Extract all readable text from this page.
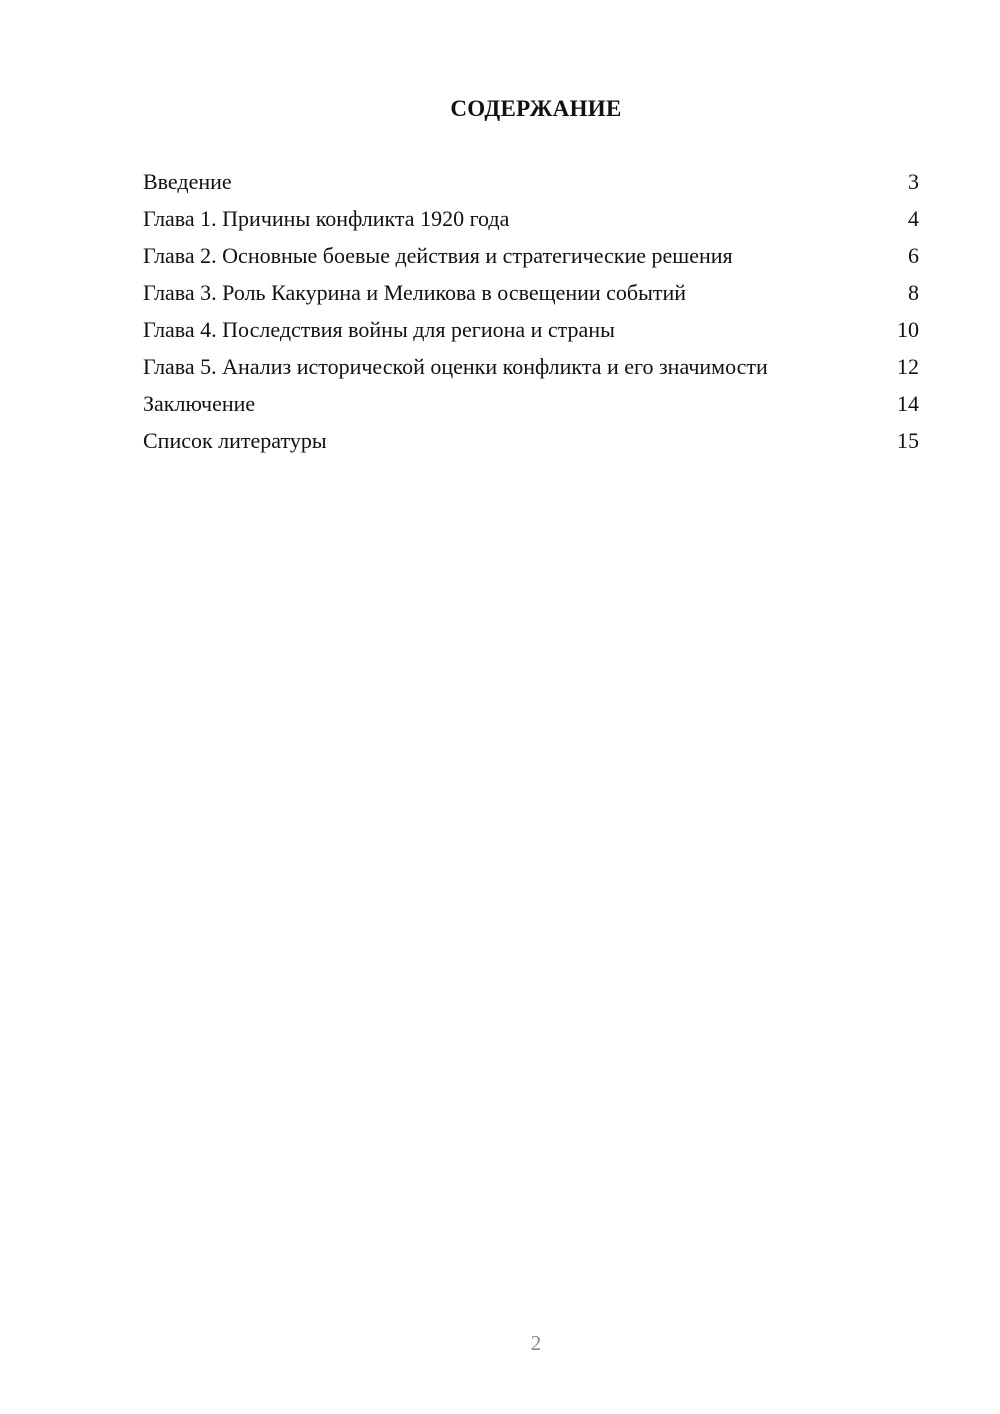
СОДЕРЖАНИЕ
Введение	3
Глава 1. Причины конфликта 1920 года	4
Глава 2. Основные боевые действия и стратегические решения	6
Глава 3. Роль Какурина и Меликова в освещении событий	8
Глава 4. Последствия войны для региона и страны	10
Глава 5. Анализ исторической оценки конфликта и его значимости	12
Заключение	14
Список литературы	15
2
